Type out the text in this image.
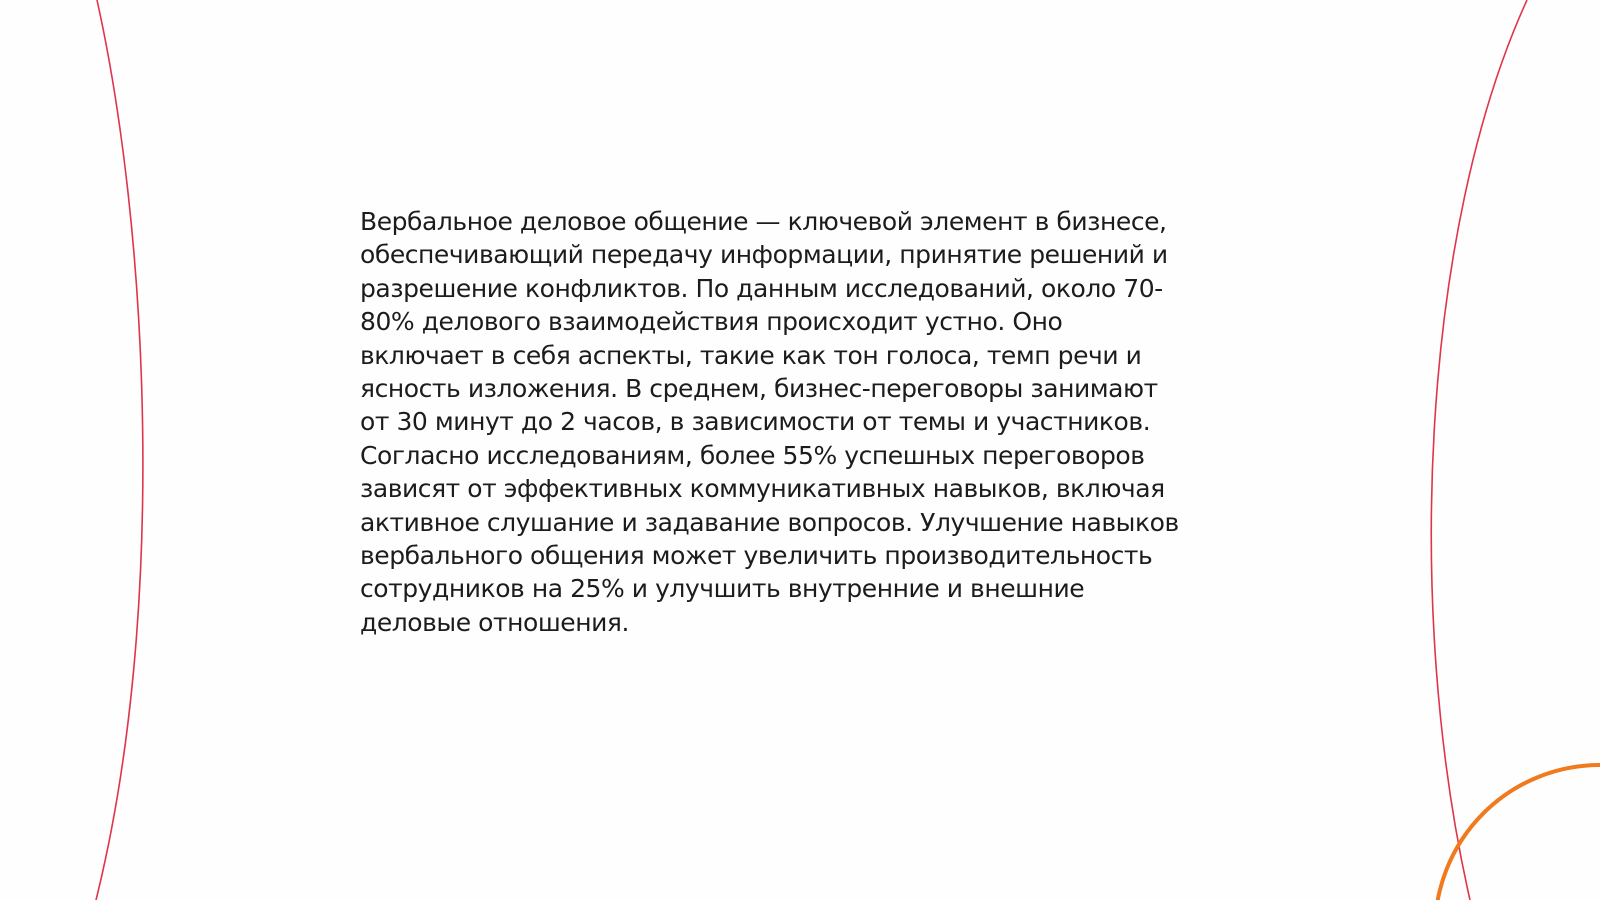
Вербальное деловое общение — ключевой элемент в бизнесе,
обеспечивающий передачу информации, принятие решений и
разрешение конфликтов. По данным исследований, около 70-
80% делового взаимодействия происходит устно. Оно
включает в себя аспекты, такие как тон голоса, темп речи и
ясность изложения. В среднем, бизнес-переговоры занимают
от 30 минут до 2 часов, в зависимости от темы и участников.
Согласно исследованиям, более 55% успешных переговоров
зависят от эффективных коммуникативных навыков, включая
активное слушание и задавание вопросов. Улучшение навыков
вербального общения может увеличить производительность
сотрудников на 25% и улучшить внутренние и внешние
деловые отношения.
